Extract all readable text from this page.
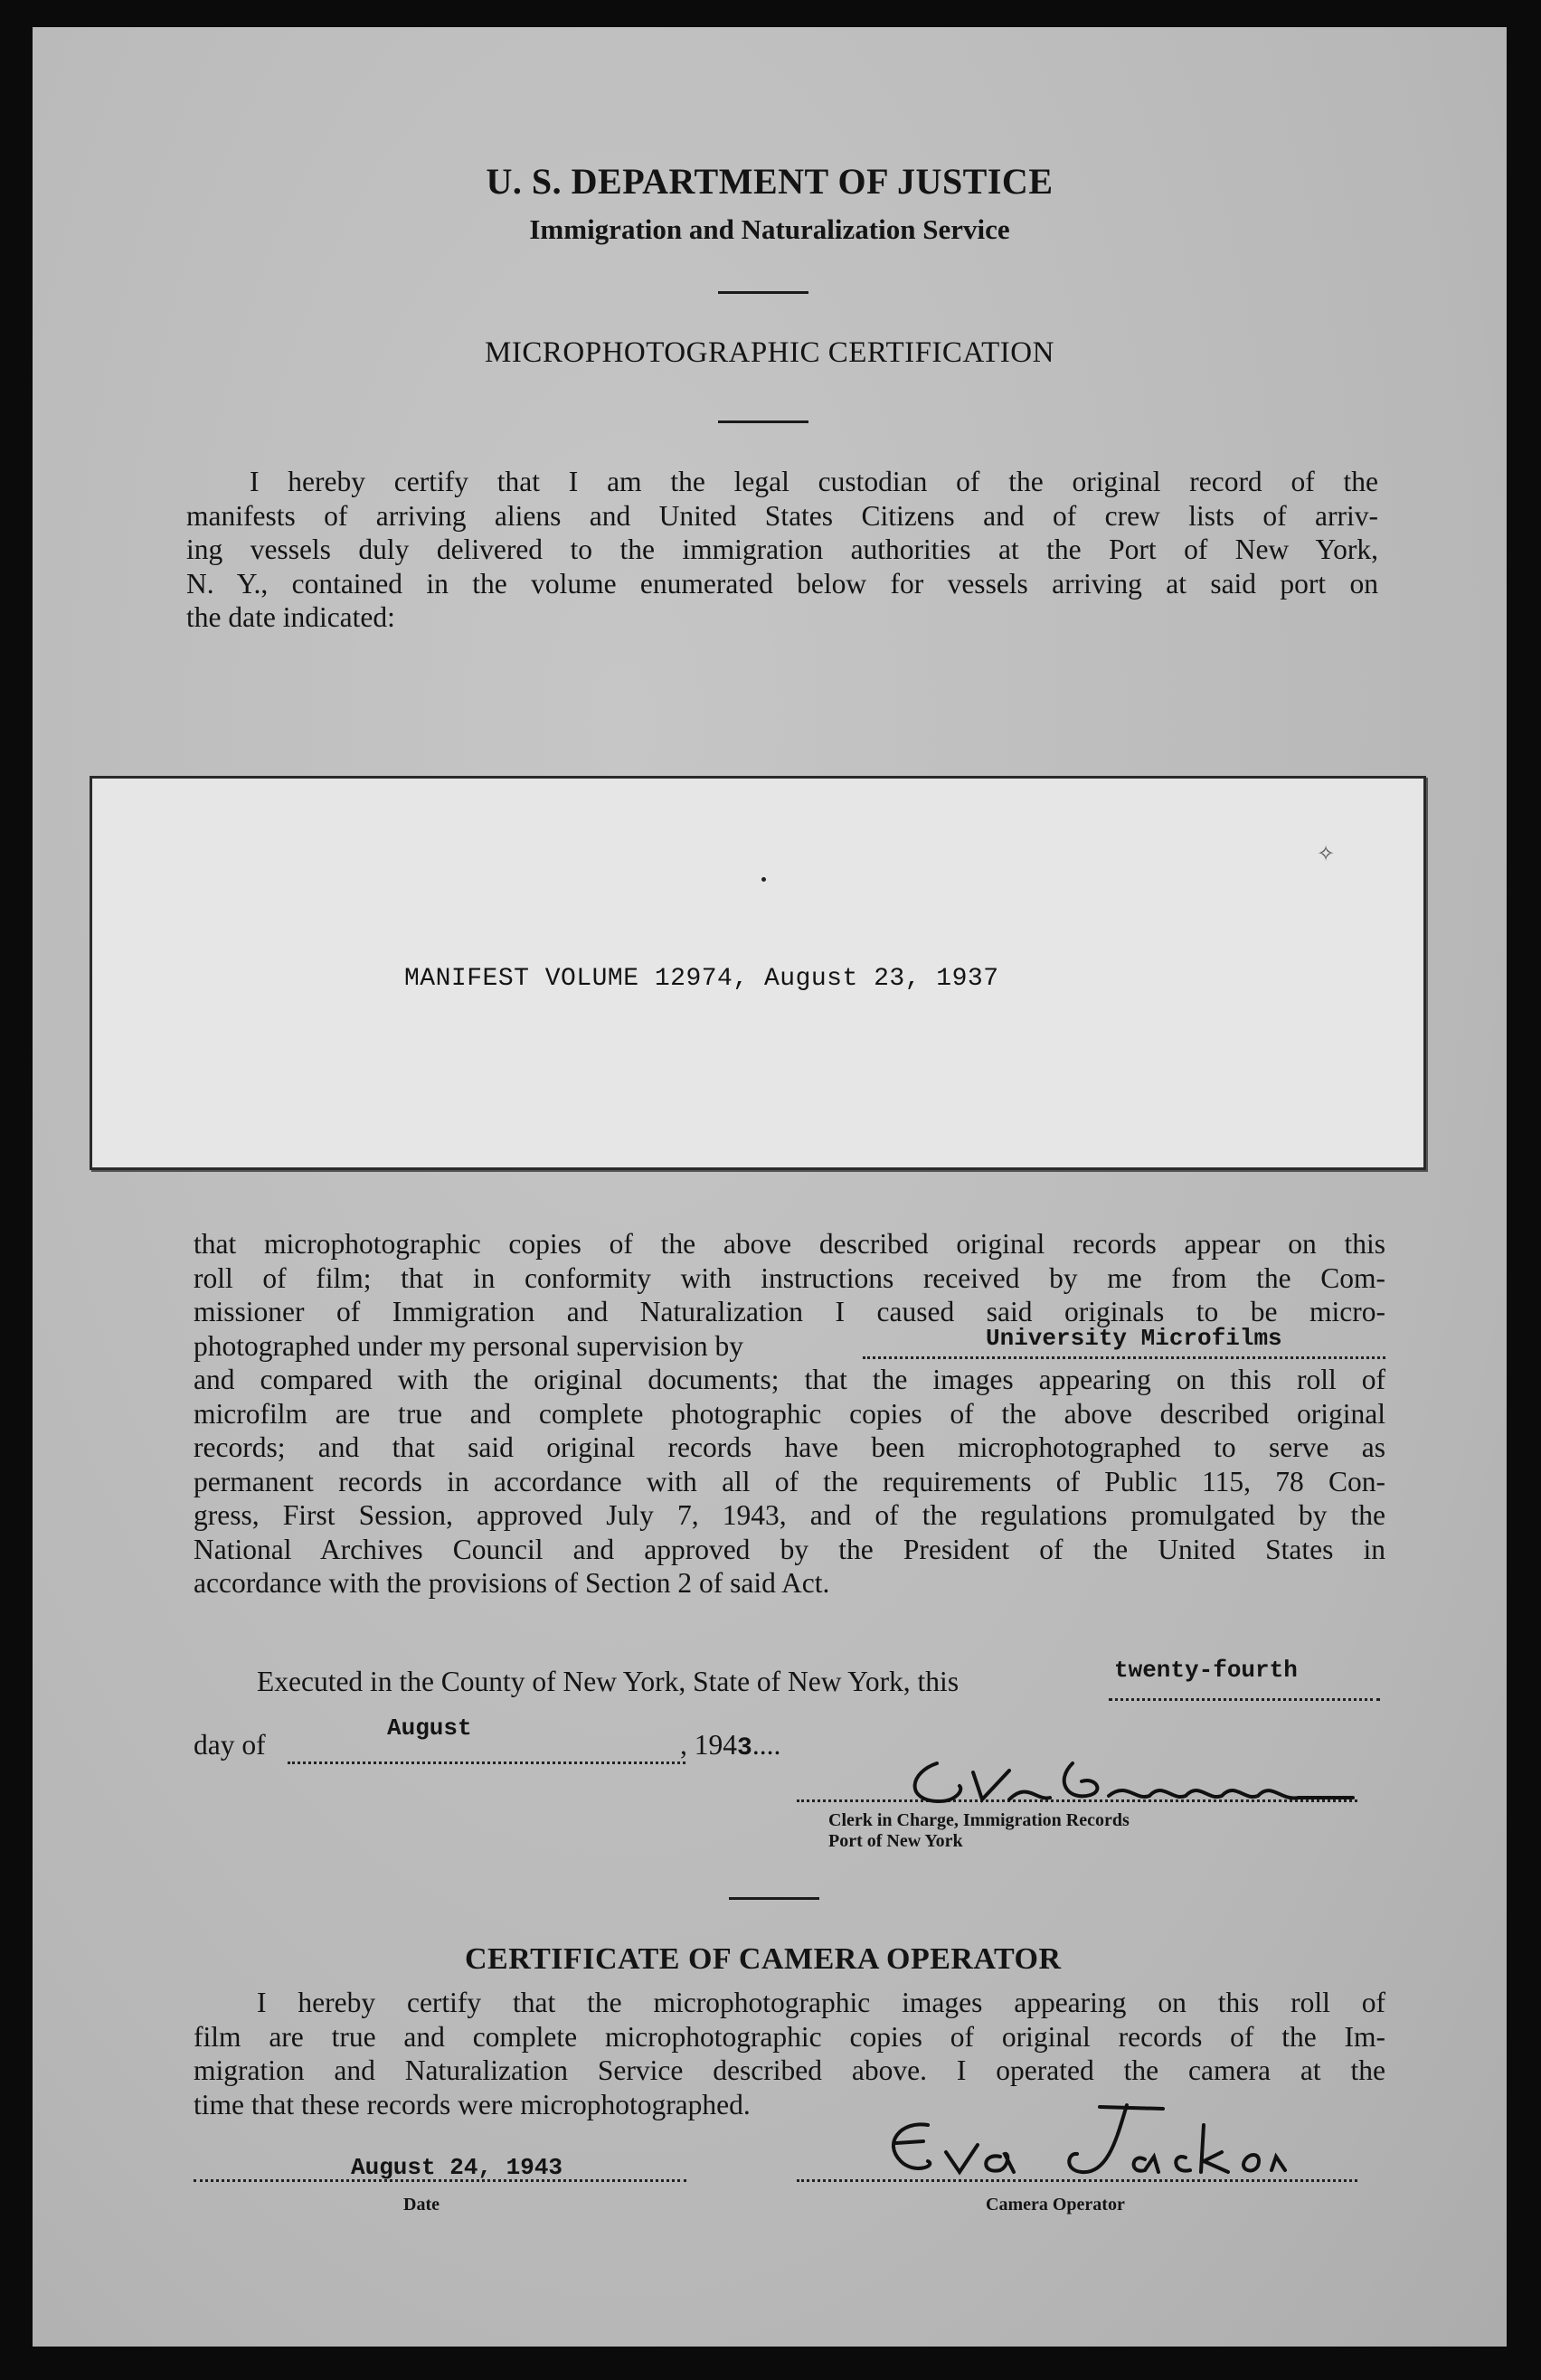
U. S. DEPARTMENT OF JUSTICE
Immigration and Naturalization Service
MICROPHOTOGRAPHIC CERTIFICATION
I hereby certify that I am the legal custodian of the original record of the
manifests of arriving aliens and United States Citizens and of crew lists of arriv-
ing vessels duly delivered to the immigration authorities at the Port of New York,
N. Y., contained in the volume enumerated below for vessels arriving at said port on
the date indicated:
MANIFEST VOLUME 12974, August 23, 1937
✧
that microphotographic copies of the above described original records appear on this
roll of film; that in conformity with instructions received by me from the Com-
missioner of Immigration and Naturalization I caused said originals to be micro-
photographed under my personal supervision by	University Microfilms
and compared with the original documents; that the images appearing on this roll of
microfilm are true and complete photographic copies of the above described original
records; and that said original records have been microphotographed to serve as
permanent records in accordance with all of the requirements of Public 115, 78 Con-
gress, First Session, approved July 7, 1943, and of the regulations promulgated by the
National Archives Council and approved by the President of the United States in
accordance with the provisions of Section 2 of said Act.
Executed in the County of New York, State of New York, this	twenty-fourth
day of
August
, 1943....
Clerk in Charge, Immigration Records
Port of New York
CERTIFICATE OF CAMERA OPERATOR
I hereby certify that the microphotographic images appearing on this roll of
film are true and complete microphotographic copies of original records of the Im-
migration and Naturalization Service described above. I operated the camera at the
time that these records were microphotographed.
August 24, 1943
Date	Camera Operator
